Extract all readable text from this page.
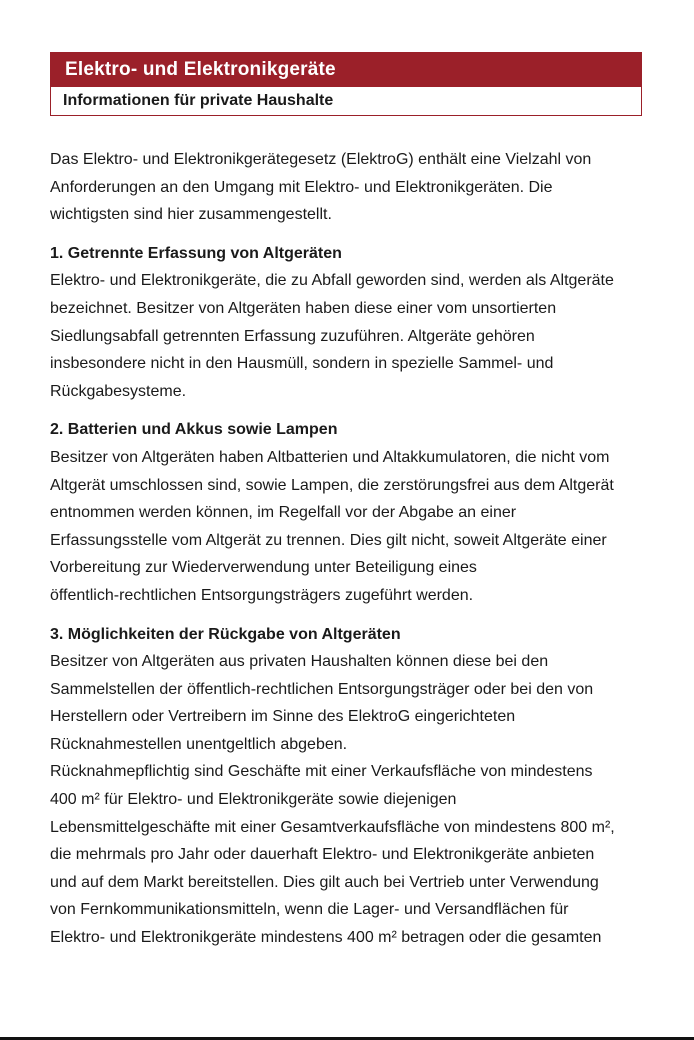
Elektro- und Elektronikgeräte
Informationen für private Haushalte

Das Elektro- und Elektronikgerätegesetz (ElektroG) enthält eine Vielzahl von
Anforderungen an den Umgang mit Elektro- und Elektronikgeräten. Die
wichtigsten sind hier zusammengestellt.

1. Getrennte Erfassung von Altgeräten

Elektro- und Elektronikgeräte, die zu Abfall geworden sind, werden als Altgeräte
bezeichnet. Besitzer von Altgeräten haben diese einer vom unsortierten
Siedlungsabfall getrennten Erfassung zuzuführen. Altgeräte gehören
insbesondere nicht in den Hausmüll, sondern in spezielle Sammel- und
Rückgabesysteme.

2. Batterien und Akkus sowie Lampen

Besitzer von Altgeräten haben Altbatterien und Altakkumulatoren, die nicht vom
Altgerät umschlossen sind, sowie Lampen, die zerstörungsfrei aus dem Altgerät
entnommen werden können, im Regelfall vor der Abgabe an einer
Erfassungsstelle vom Altgerät zu trennen. Dies gilt nicht, soweit Altgeräte einer
Vorbereitung zur Wiederverwendung unter Beteiligung eines
öffentlich-rechtlichen Entsorgungsträgers zugeführt werden.

3. Möglichkeiten der Rückgabe von Altgeräten

Besitzer von Altgeräten aus privaten Haushalten können diese bei den
Sammelstellen der öffentlich-rechtlichen Entsorgungsträger oder bei den von
Herstellern oder Vertreibern im Sinne des ElektroG eingerichteten
Rücknahmestellen unentgeltlich abgeben.

Rücknahmepflichtig sind Geschäfte mit einer Verkaufsfläche von mindestens
400 m² für Elektro- und Elektronikgeräte sowie diejenigen
Lebensmittelgeschäfte mit einer Gesamtverkaufsfläche von mindestens 800 m²,
die mehrmals pro Jahr oder dauerhaft Elektro- und Elektronikgeräte anbieten
und auf dem Markt bereitstellen. Dies gilt auch bei Vertrieb unter Verwendung
von Fernkommunikationsmitteln, wenn die Lager- und Versandflächen für
Elektro- und Elektronikgeräte mindestens 400 m² betragen oder die gesamten
